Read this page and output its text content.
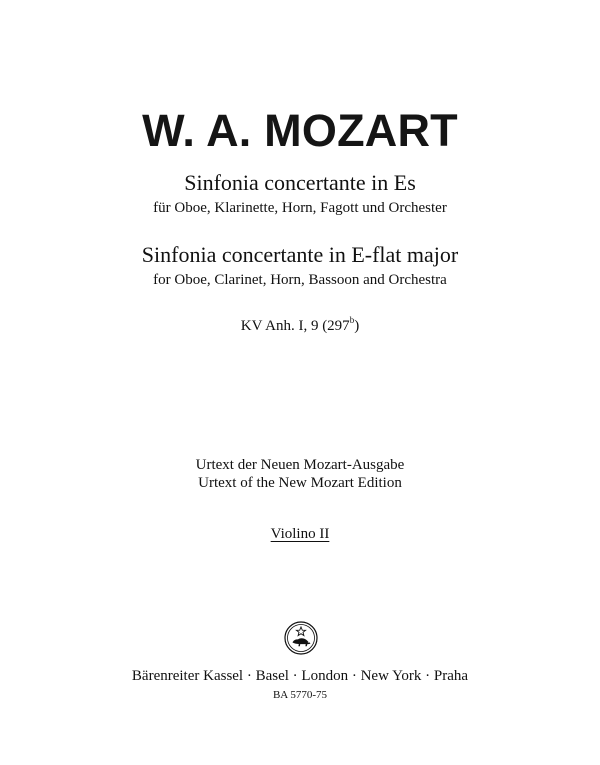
W. A. MOZART
Sinfonia concertante in Es
für Oboe, Klarinette, Horn, Fagott und Orchester
Sinfonia concertante in E-flat major
for Oboe, Clarinet, Horn, Bassoon and Orchestra
KV Anh. I, 9 (297$^b$)
Urtext der Neuen Mozart-Ausgabe
Urtext of the New Mozart Edition
Violino II
Bärenreiter Kassel · Basel · London · New York · Praha
BA 5770-75
